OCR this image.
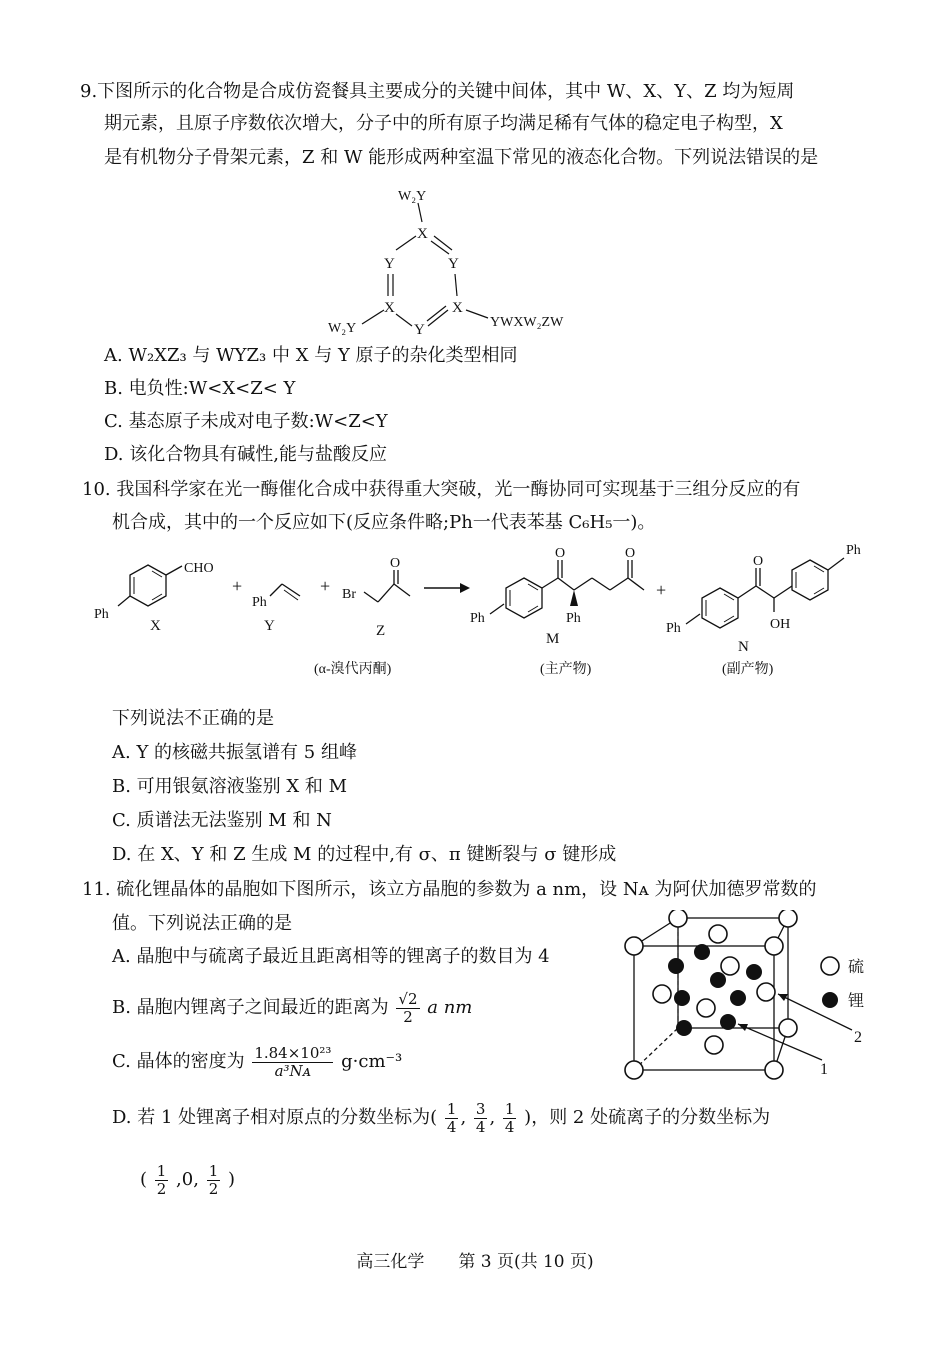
9.下图所示的化合物是合成仿瓷餐具主要成分的关键中间体，其中 W、X、Y、Z 均为短周
期元素，且原子序数依次增大，分子中的所有原子均满足稀有气体的稳定电子构型，X
是有机物分子骨架元素，Z 和 W 能形成两种室温下常见的液态化合物。下列说法错误的是
W₂Y
X
Y	Y
X	X
Y
W₂Y	YWXW₂ZW
A. W₂XZ₃ 与 WYZ₃ 中 X 与 Y 原子的杂化类型相同
B. 电负性:W<X<Z< Y
C. 基态原子未成对电子数:W<Z<Y
D. 该化合物具有碱性,能与盐酸反应
10. 我国科学家在光一酶催化合成中获得重大突破，光一酶协同可实现基于三组分反应的有
机合成，其中的一个反应如下(反应条件略;Ph一代表苯基 C₆H₅一)。
CHO
Ph
X
+
Ph
Y
+ Br
O
Z
Ph
O
Ph
O
M
+
Ph
O
OH
Ph
N
(α-溴代丙酮)	(主产物)	(副产物)
下列说法不正确的是
A. Y 的核磁共振氢谱有 5 组峰
B. 可用银氨溶液鉴别 X 和 M
C. 质谱法无法鉴别 M 和 N
D. 在 X、Y 和 Z 生成 M 的过程中,有 σ、π 键断裂与 σ 键形成
11. 硫化锂晶体的晶胞如下图所示，该立方晶胞的参数为 a nm，设 Nᴀ 为阿伏加德罗常数的
值。下列说法正确的是
A. 晶胞中与硫离子最近且距离相等的锂离子的数目为 4
B. 晶胞内锂离子之间最近的距离为 $\frac{√2}{2}$ a nm
C. 晶体的密度为 $\frac{\text{1.84×10²³}}{\text{a³Nᴀ}} g\cdot cm^{-3}$
D. 若 1 处锂离子相对原点的分数坐标为( $\frac{1}{4}$ , $\frac{3}{4}$ , $\frac{1}{4}$ )，则 2 处硫离子的分数坐标为
( $\frac{1}{2} ,0$, $\frac{1}{2}$ )
1
2
硫
锂
高三化学　　第 3 页(共 10 页)
